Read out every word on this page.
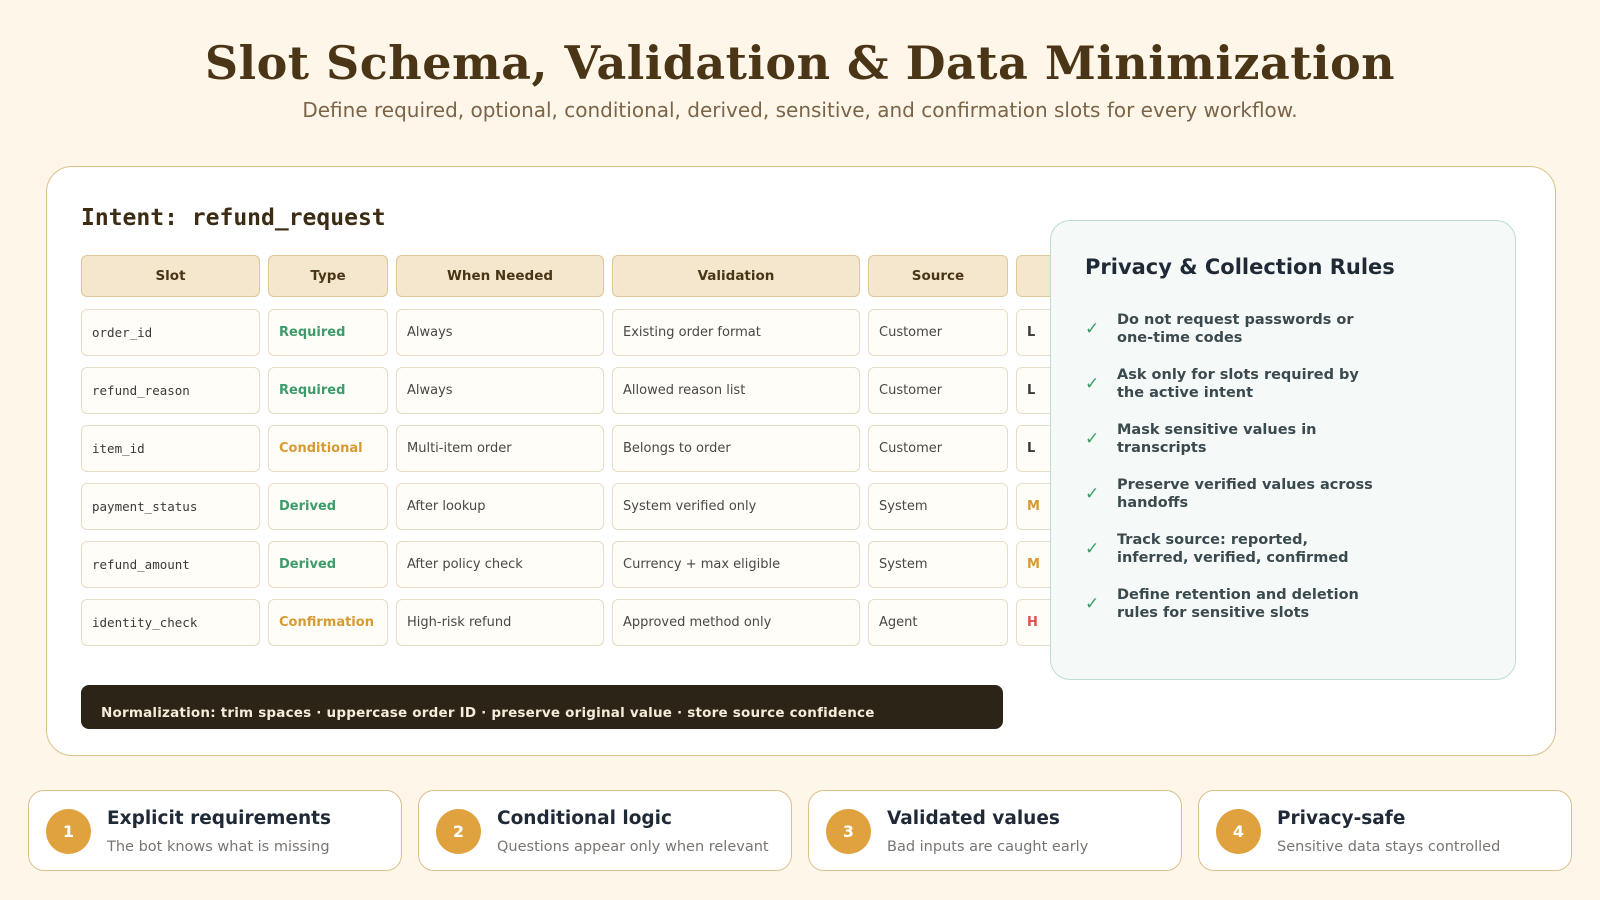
Slot Schema, Validation & Data Minimization
Define required, optional, conditional, derived, sensitive, and confirmation slots for every workflow.
Intent: refund_request
Slot	Type	When Needed	Validation	Source
order_id	Required	Always	Existing order format	Customer	L
refund_reason	Required	Always	Allowed reason list	Customer	L
item_id	Conditional	Multi-item order	Belongs to order	Customer	L
payment_status	Derived	After lookup	System verified only	System	M
refund_amount	Derived	After policy check	Currency + max eligible	System	M
identity_check	Confirmation	High-risk refund	Approved method only	Agent	H
Normalization: trim spaces · uppercase order ID · preserve original value · store source confidence
Privacy & Collection Rules
✓	Do not request passwords or one-time codes
✓	Ask only for slots required by the active intent
✓	Mask sensitive values in transcripts
✓	Preserve verified values across handoffs
✓	Track source: reported, inferred, verified, confirmed
✓	Define retention and deletion rules for sensitive slots
1
Explicit requirements
The bot knows what is missing
2
Conditional logic
Questions appear only when relevant
3
Validated values
Bad inputs are caught early
4
Privacy-safe
Sensitive data stays controlled
